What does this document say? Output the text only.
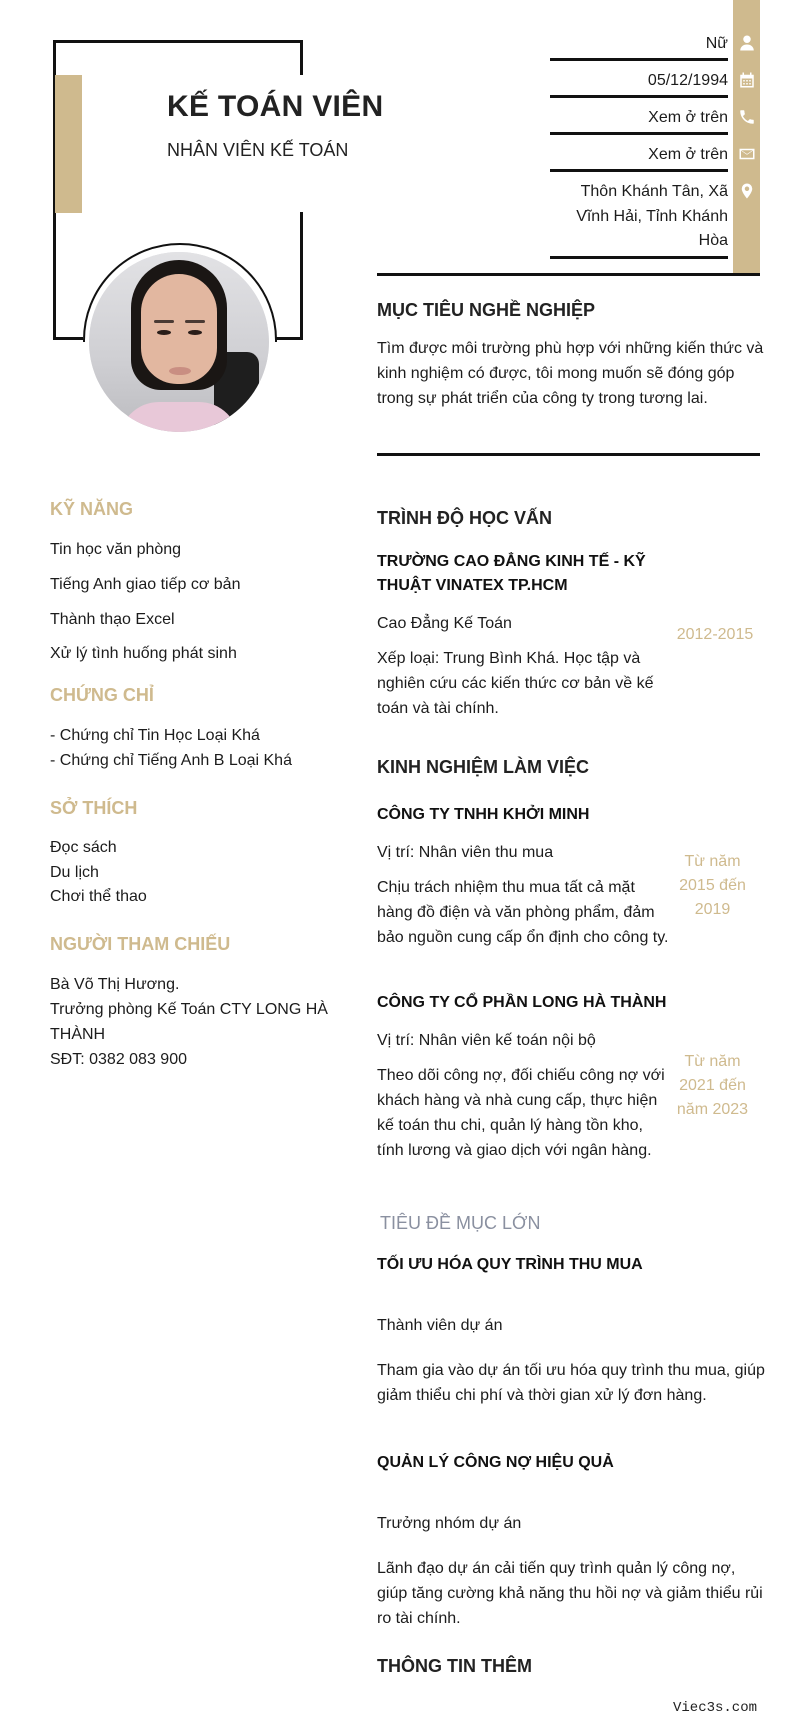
KẾ TOÁN VIÊN
NHÂN VIÊN KẾ TOÁN
Nữ
05/12/1994
Xem ở trên
Xem ở trên
Thôn Khánh Tân, Xã Vĩnh Hải, Tỉnh Khánh Hòa
MỤC TIÊU NGHỀ NGHIỆP
Tìm được môi trường phù hợp với những kiến thức và kinh nghiệm có được, tôi mong muốn sẽ đóng góp trong sự phát triển của công ty trong tương lai.
KỸ NĂNG
Tin học văn phòng
Tiếng Anh giao tiếp cơ bản
Thành thạo Excel
Xử lý tình huống phát sinh
CHỨNG CHỈ
- Chứng chỉ Tin Học Loại Khá
- Chứng chỉ Tiếng Anh B Loại Khá
SỞ THÍCH
Đọc sách
Du lịch
Chơi thể thao
NGƯỜI THAM CHIẾU
Bà Võ Thị Hương.
Trưởng phòng Kế Toán CTY LONG HÀ THÀNH
SĐT: 0382 083 900
TRÌNH ĐỘ HỌC VẤN
TRƯỜNG CAO ĐẲNG KINH TẾ - KỸ THUẬT VINATEX TP.HCM
Cao Đẳng Kế Toán
Xếp loại: Trung Bình Khá. Học tập và nghiên cứu các kiến thức cơ bản về kế toán và tài chính.
2012-2015
KINH NGHIỆM LÀM VIỆC
CÔNG TY TNHH KHỞI MINH
Vị trí: Nhân viên thu mua
Chịu trách nhiệm thu mua tất cả mặt hàng đồ điện và văn phòng phẩm, đảm bảo nguồn cung cấp ổn định cho công ty.
Từ năm 2015 đến 2019
CÔNG TY CỔ PHẦN LONG HÀ THÀNH
Vị trí: Nhân viên kế toán nội bộ
Theo dõi công nợ, đối chiếu công nợ với khách hàng và nhà cung cấp, thực hiện kế toán thu chi, quản lý hàng tồn kho, tính lương và giao dịch với ngân hàng.
Từ năm 2021 đến năm 2023
TIÊU ĐỀ MỤC LỚN
TỐI ƯU HÓA QUY TRÌNH THU MUA
Thành viên dự án
Tham gia vào dự án tối ưu hóa quy trình thu mua, giúp giảm thiểu chi phí và thời gian xử lý đơn hàng.
QUẢN LÝ CÔNG NỢ HIỆU QUẢ
Trưởng nhóm dự án
Lãnh đạo dự án cải tiến quy trình quản lý công nợ, giúp tăng cường khả năng thu hồi nợ và giảm thiểu rủi ro tài chính.
THÔNG TIN THÊM
Viec3s.com
